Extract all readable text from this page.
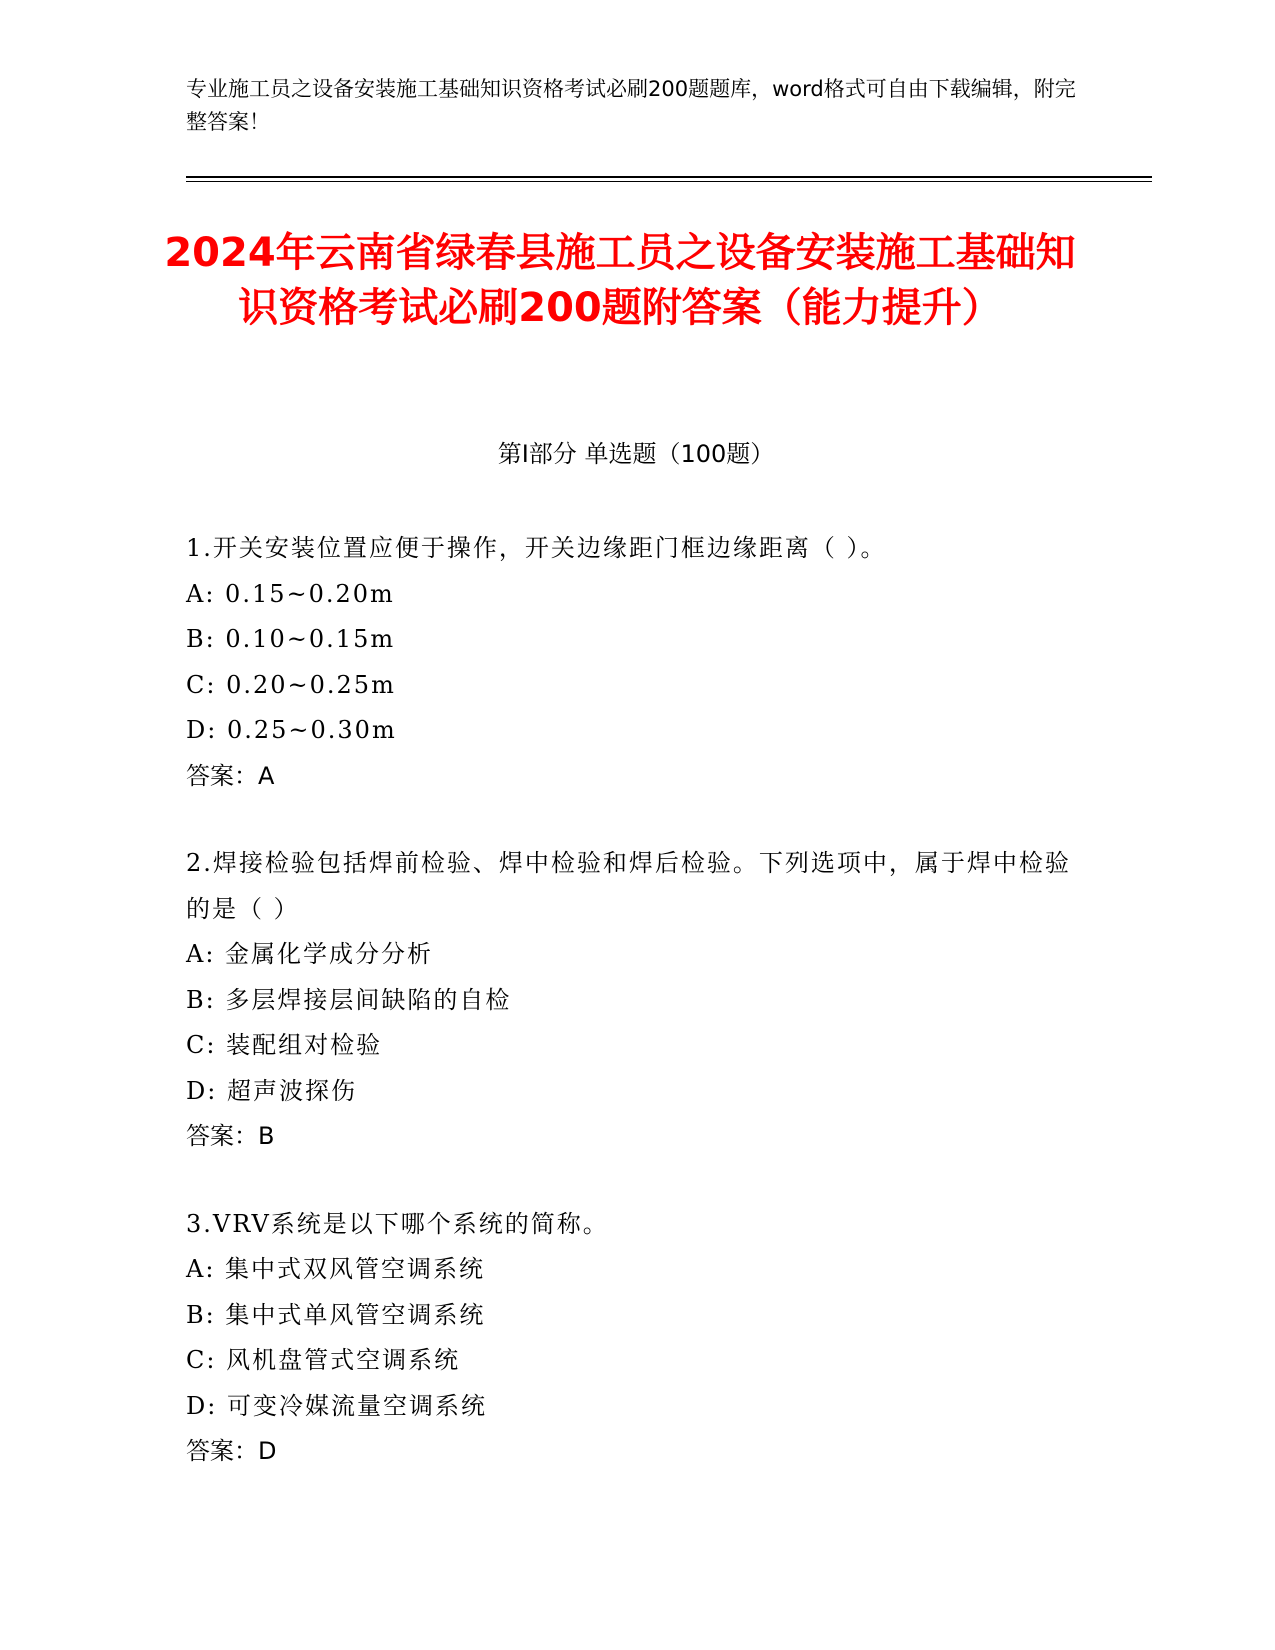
专业施工员之设备安装施工基础知识资格考试必刷200题题库，word格式可自由下载编辑，附完整答案！
2024年云南省绿春县施工员之设备安装施工基础知识资格考试必刷200题附答案（能力提升）
第Ⅰ部分 单选题（100题）
1.开关安装位置应便于操作，开关边缘距门框边缘距离（ ）。
A: 0.15~0.20m
B: 0.10~0.15m
C: 0.20~0.25m
D: 0.25~0.30m
答案：A
2.焊接检验包括焊前检验、焊中检验和焊后检验。下列选项中，属于焊中检验的是（ ）
A: 金属化学成分分析
B: 多层焊接层间缺陷的自检
C: 装配组对检验
D: 超声波探伤
答案：B
3.VRV系统是以下哪个系统的简称。
A: 集中式双风管空调系统
B: 集中式单风管空调系统
C: 风机盘管式空调系统
D: 可变冷媒流量空调系统
答案：D
